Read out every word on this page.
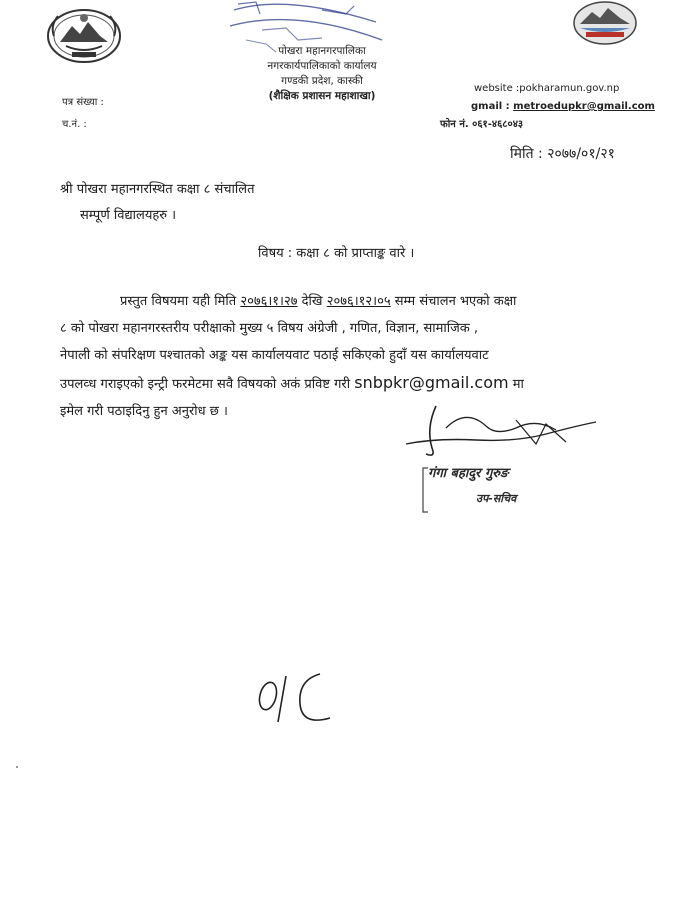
पोखरा महानगरपालिका
नगरकार्यपालिकाको कार्यालय
गण्डकी प्रदेश, कास्की
(शैक्षिक प्रशासन महाशाखा)
website :pokharamun.gov.np
gmail : metroedupkr@gmail.com
फोन नं. ०६१-४६८०४३
पत्र संख्या :
च.नं. :
मिति : २०७७/०१/२१
श्री पोखरा महानगरस्थित कक्षा ८ संचालित
सम्पूर्ण विद्यालयहरु ।
विषय : कक्षा ८ को प्राप्ताङ्क वारे ।
प्रस्तुत विषयमा यही मिति २०७६।१।२७ देखि २०७६।१२।०५ सम्म संचालन भएको कक्षा
८ को पोखरा महानगरस्तरीय परीक्षाको मुख्य ५ विषय अंग्रेजी , गणित, विज्ञान, सामाजिक ,
नेपाली को संपरिक्षण पश्चातको अङ्क यस कार्यालयवाट पठाई सकिएको हुदाँ यस कार्यालयवाट
उपलव्ध गराइएको इन्ट्री फरमेटमा सवै विषयको अकं प्रविष्ट गरी snbpkr@gmail.com मा
इमेल गरी पठाइदिनु हुन अनुरोध छ ।
गंगा बहादुर गुरुङ
उप-सचिव
